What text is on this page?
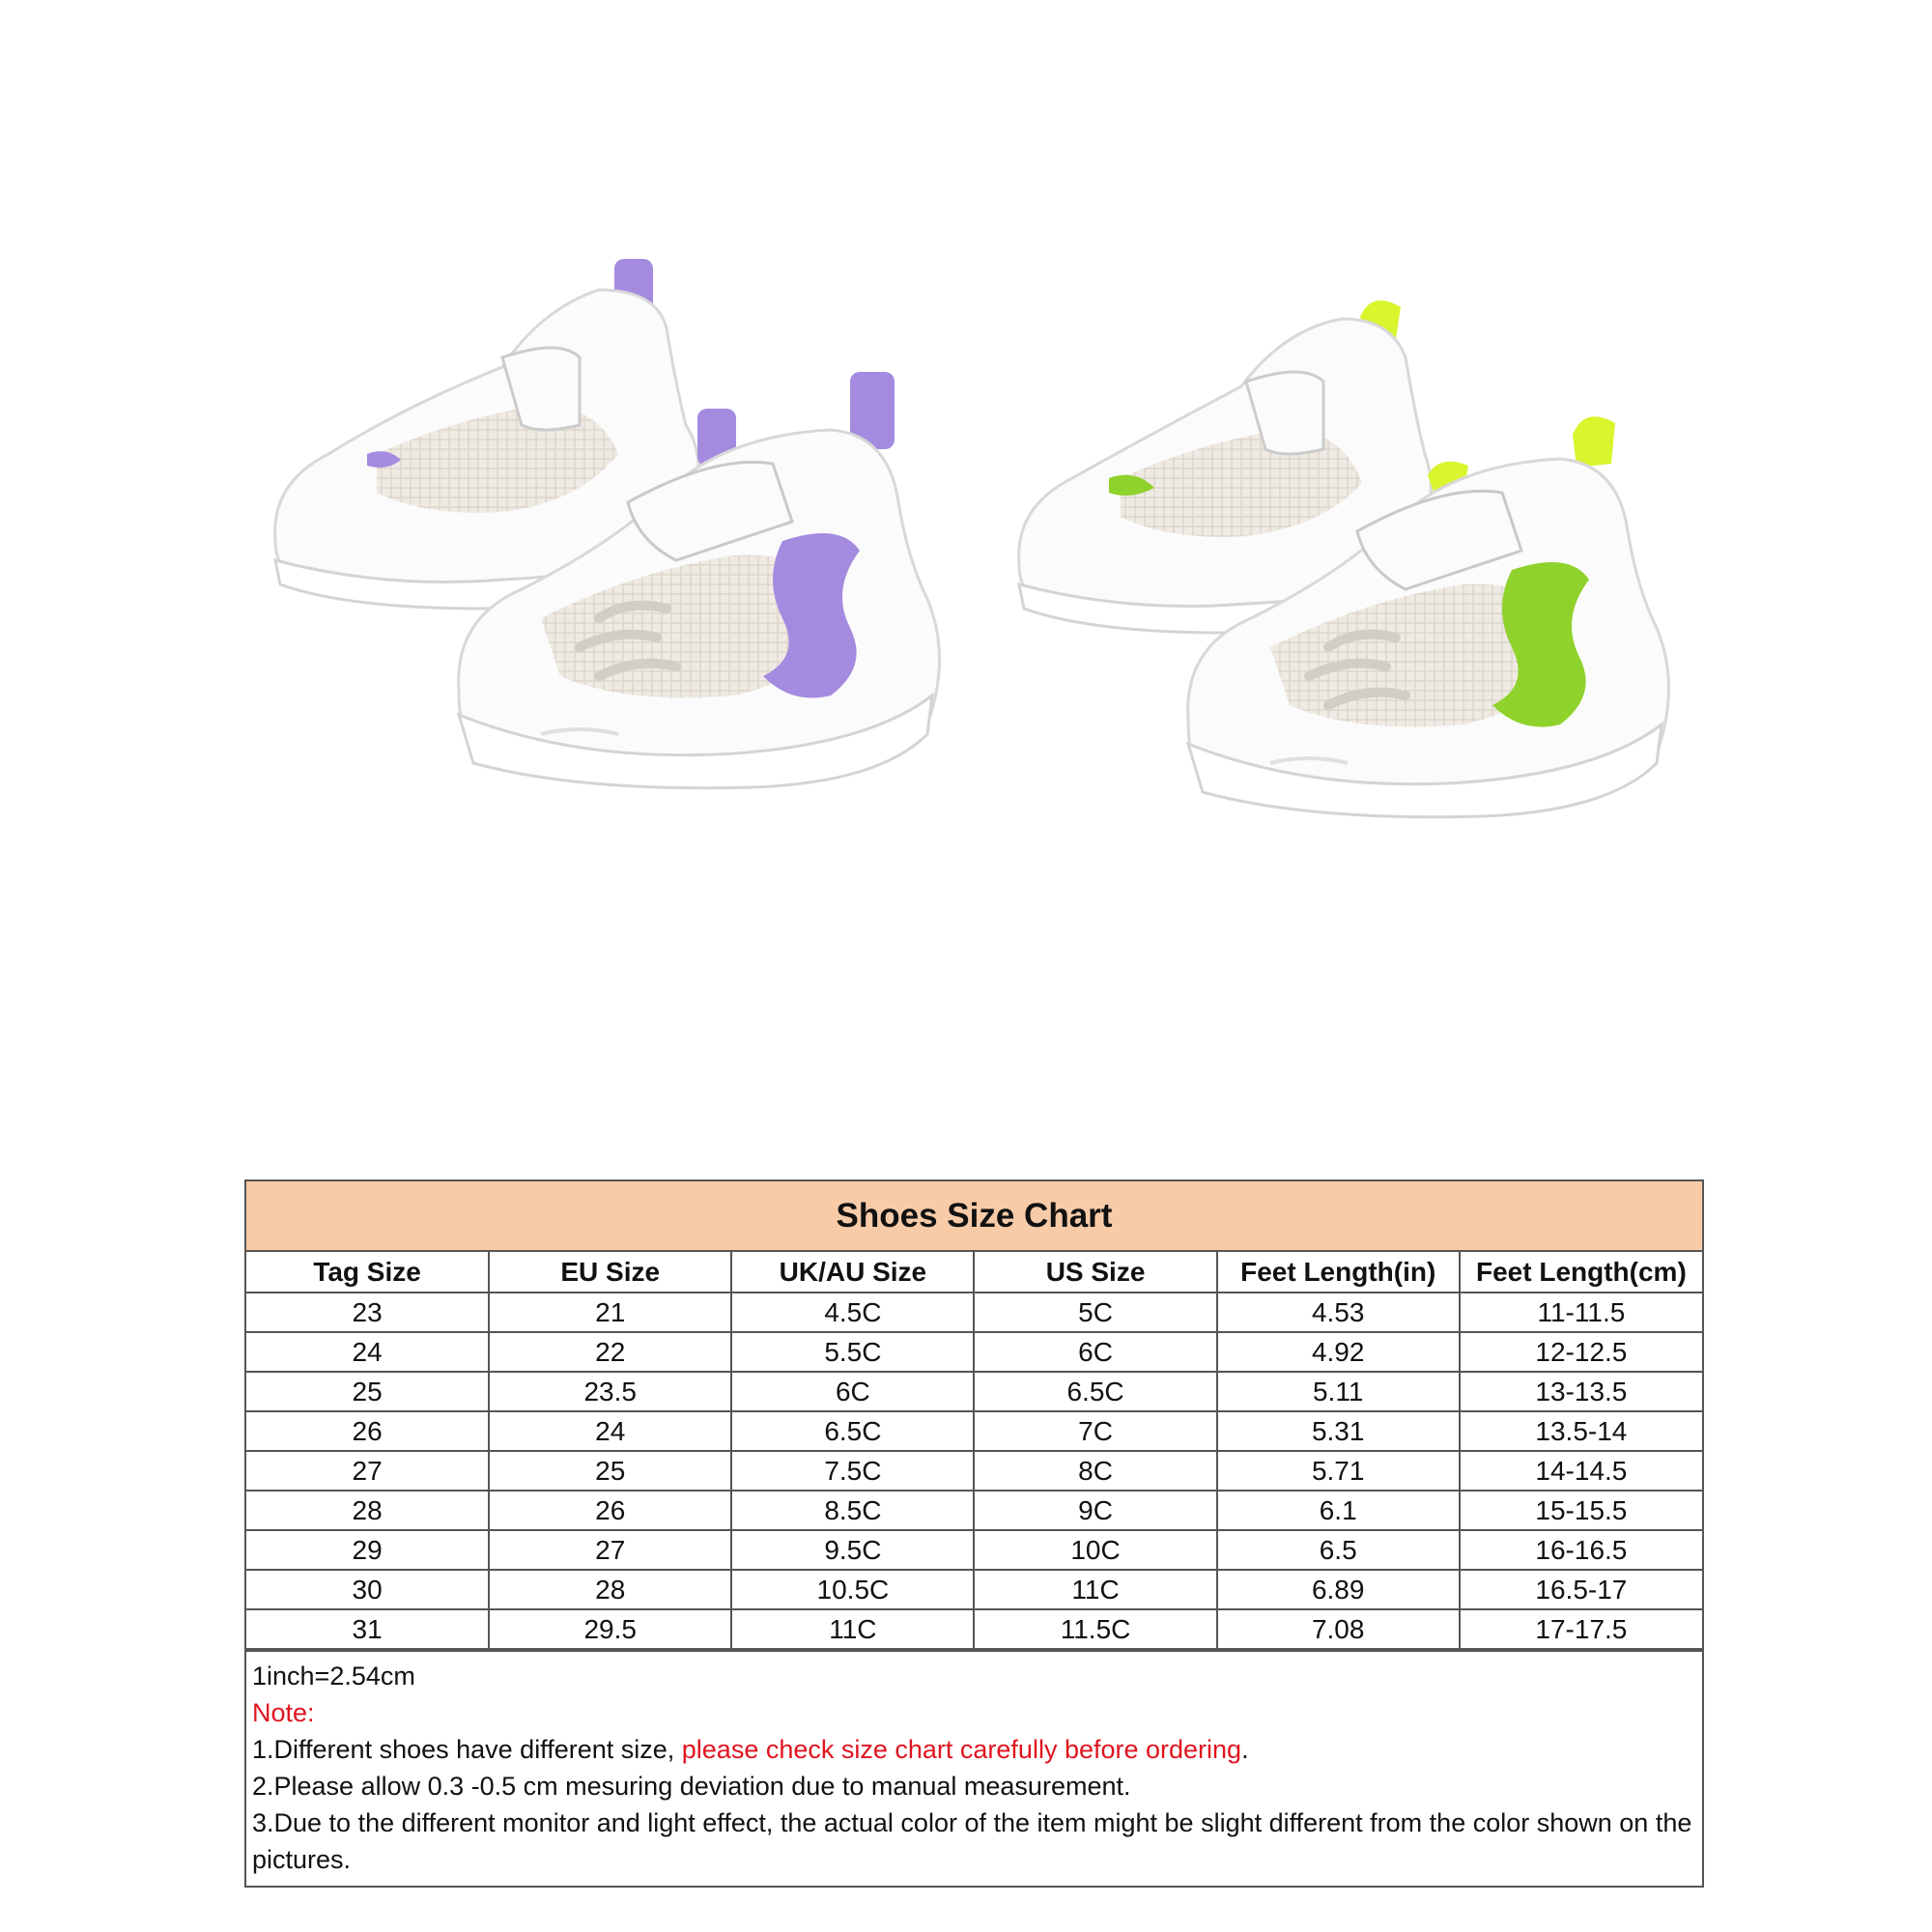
Shoes Size Chart
Tag Size	EU Size	UK/AU Size	US Size	Feet Length(in)	Feet Length(cm)
23	21	4.5C	5C	4.53	11-11.5
24	22	5.5C	6C	4.92	12-12.5
25	23.5	6C	6.5C	5.11	13-13.5
26	24	6.5C	7C	5.31	13.5-14
27	25	7.5C	8C	5.71	14-14.5
28	26	8.5C	9C	6.1	15-15.5
29	27	9.5C	10C	6.5	16-16.5
30	28	10.5C	11C	6.89	16.5-17
31	29.5	11C	11.5C	7.08	17-17.5
1inch=2.54cm
Note:
1.Different shoes have different size, please check size chart carefully before ordering.
2.Please allow 0.3 -0.5 cm mesuring deviation due to manual measurement.
3.Due to the different monitor and light effect, the actual color of the item might be slight different from the color shown on the pictures.
